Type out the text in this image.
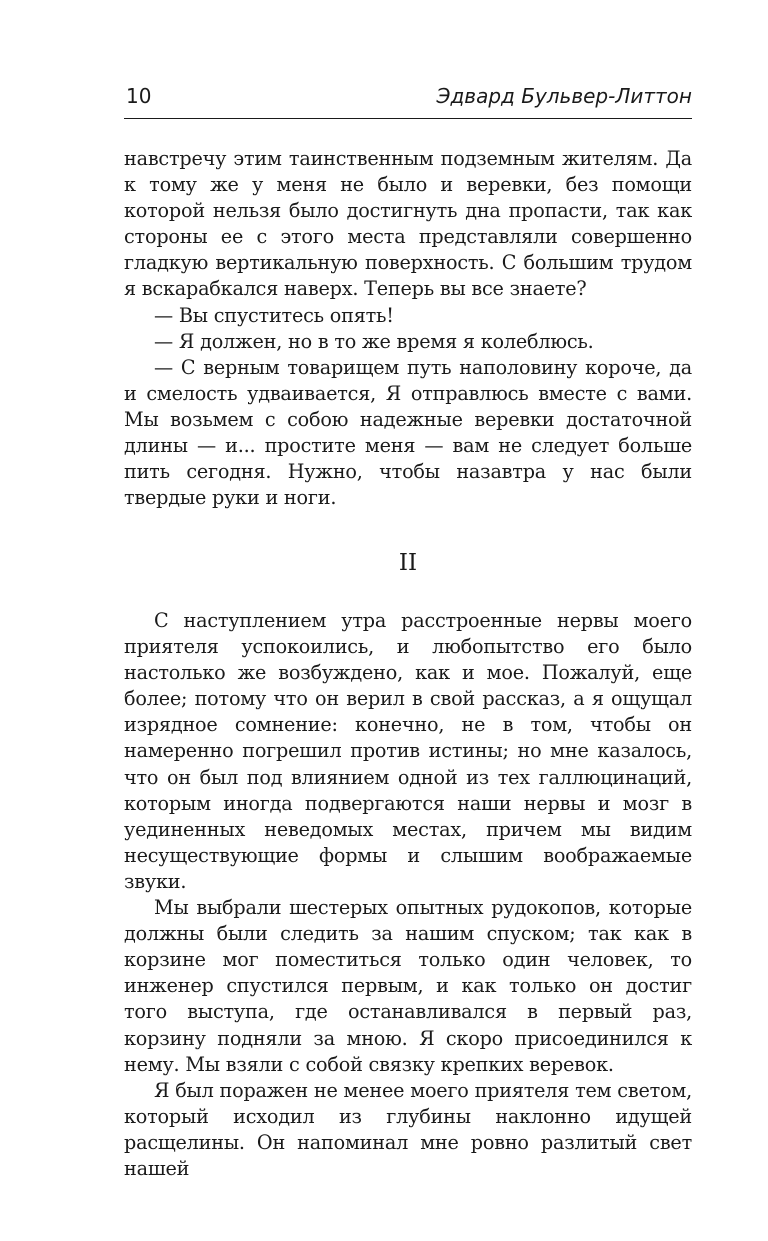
10	Эдвард Бульвер-Литтон

навстречу этим таинственным подземным жителям. Да к тому же у меня не было и веревки, без помощи которой нельзя было достигнуть дна пропасти, так как стороны ее с этого места представляли совершенно гладкую вертикальную поверхность. С большим трудом я вскарабкался наверх. Теперь вы все знаете?

— Вы спуститесь опять!

— Я должен, но в то же время я колеблюсь.

— С верным товарищем путь наполовину короче, да и смелость удваивается, Я отправлюсь вместе с вами. Мы возьмем с собою надежные веревки достаточной длины — и... простите меня — вам не следует больше пить сегодня. Нужно, чтобы назавтра у нас были твердые руки и ноги.

II

С наступлением утра расстроенные нервы моего приятеля успокоились, и любопытство его было настолько же возбуждено, как и мое. Пожалуй, еще более; потому что он верил в свой рассказ, а я ощущал изрядное сомнение: конечно, не в том, чтобы он намеренно погрешил против истины; но мне казалось, что он был под влиянием одной из тех галлюцинаций, которым иногда подвергаются наши нервы и мозг в уединенных неведомых местах, причем мы видим несуществующие формы и слышим воображаемые звуки.

Мы выбрали шестерых опытных рудокопов, которые должны были следить за нашим спуском; так как в корзине мог поместиться только один человек, то инженер спустился первым, и как только он достиг того выступа, где останавливался в первый раз, корзину подняли за мною. Я скоро присоединился к нему. Мы взяли с собой связку крепких веревок.

Я был поражен не менее моего приятеля тем светом, который исходил из глубины наклонно идущей расщелины. Он напоминал мне ровно разлитый свет нашей
